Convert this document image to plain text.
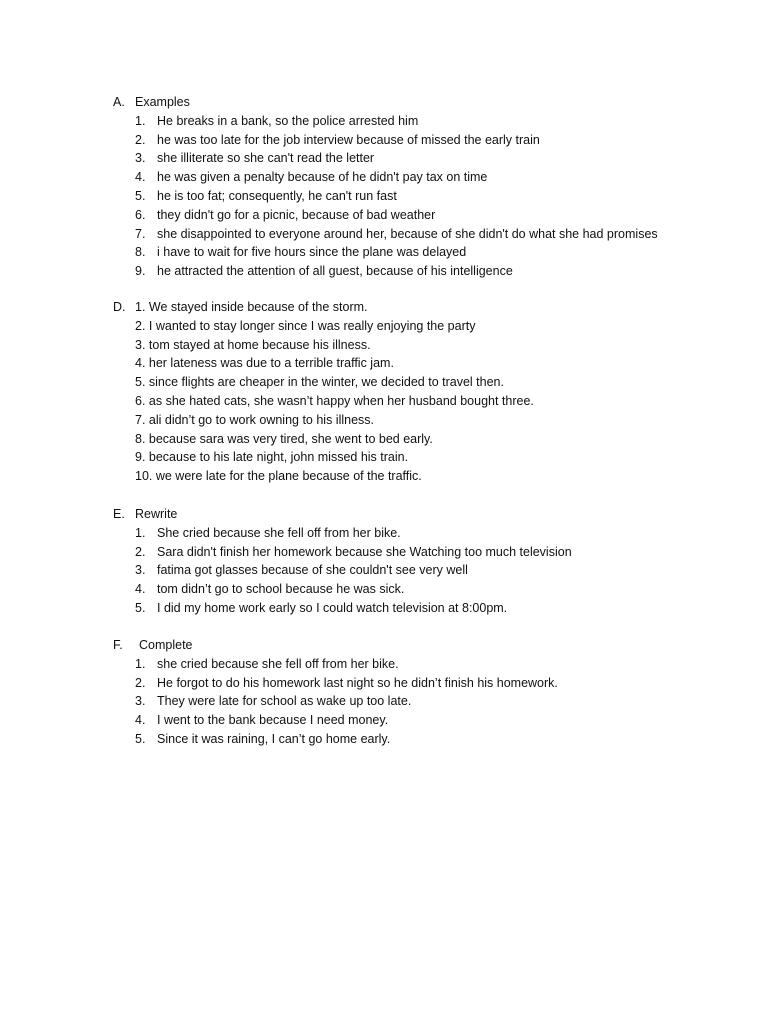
A. Examples
1. He breaks in a bank, so the police arrested him
2. he was too late for the job interview because of missed the early train
3. she illiterate so she can't read the letter
4. he was given a penalty because of he didn't pay tax on time
5. he is too fat; consequently, he can't run fast
6. they didn't go for a picnic, because of bad weather
7. she disappointed to everyone around her, because of she didn't do what she had promises
8. i have to wait for five hours since the plane was delayed
9. he attracted the attention of all guest, because of his intelligence
D. 1. We stayed inside because of the storm.
2. I wanted to stay longer since I was really enjoying the party
3. tom stayed at home because his illness.
4. her lateness was due to a terrible traffic jam.
5. since flights are cheaper in the winter, we decided to travel then.
6. as she hated cats, she wasn’t happy when her husband bought three.
7. ali didn’t go to work owning to his illness.
8. because sara was very tired, she went to bed early.
9. because to his late night, john missed his train.
10. we were late for the plane because of the traffic.
E. Rewrite
1. She cried because she fell off from her bike.
2. Sara didn't finish her homework because she Watching too much television
3. fatima got glasses because of she couldn't see very well
4. tom didn’t go to school because he was sick.
5. I did my home work early so I could watch television at 8:00pm.
F. Complete
1. she cried because she fell off from her bike.
2. He forgot to do his homework last night so he didn’t finish his homework.
3. They were late for school as wake up too late.
4. I went to the bank because I need money.
5. Since it was raining, I can’t go home early.
